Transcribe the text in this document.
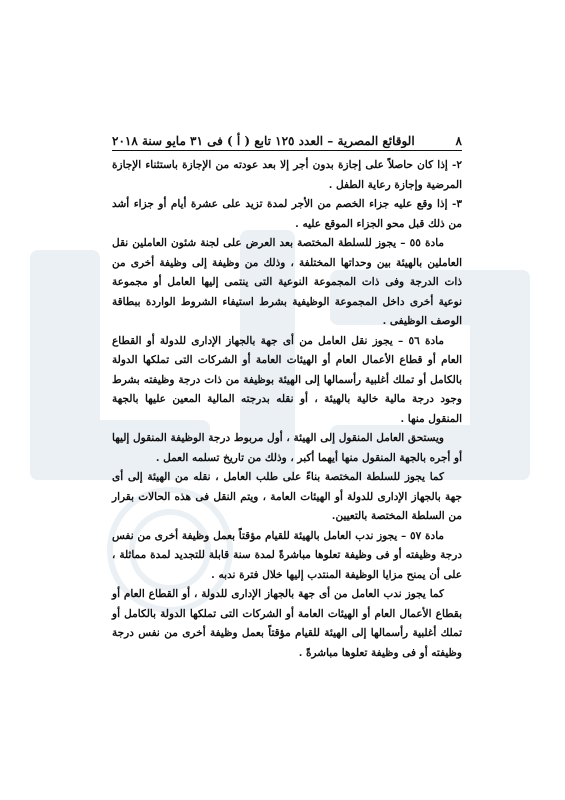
٨
الوقائع المصرية – العدد ١٢٥ تابع ( أ ) فى ٣١ مايو سنة ٢٠١٨

٢- إذا كان حاصلاً على إجازة بدون أجر إلا بعد عودته من الإجازة باستثناء الإجازة المرضية وإجازة رعاية الطفل .

٣- إذا وقع عليه جزاء الخصم من الأجر لمدة تزيد على عشرة أيام أو جزاء أشد من ذلك قبل محو الجزاء الموقع عليه .

مادة ٥٥ – يجوز للسلطة المختصة بعد العرض على لجنة شئون العاملين نقل العاملين بالهيئة بين وحداتها المختلفة ، وذلك من وظيفة إلى وظيفة أخرى من ذات الدرجة وفى ذات المجموعة النوعية التى ينتمى إليها العامل أو مجموعة نوعية أخرى داخل المجموعة الوظيفية بشرط استيفاء الشروط الواردة ببطاقة الوصف الوظيفى .

مادة ٥٦ – يجوز نقل العامل من أى جهة بالجهاز الإدارى للدولة أو القطاع العام أو قطاع الأعمال العام أو الهيئات العامة أو الشركات التى تملكها الدولة بالكامل أو تملك أغلبية رأسمالها إلى الهيئة بوظيفة من ذات درجة وظيفته بشرط وجود درجة مالية خالية بالهيئة ، أو نقله بدرجته المالية المعين عليها بالجهة المنقول منها .

ويستحق العامل المنقول إلى الهيئة ، أول مربوط درجة الوظيفة المنقول إليها أو أجره بالجهة المنقول منها أيهما أكبر ، وذلك من تاريخ تسلمه العمل .

كما يجوز للسلطة المختصة بناءً على طلب العامل ، نقله من الهيئة إلى أى جهة بالجهاز الإدارى للدولة أو الهيئات العامة ، ويتم النقل فى هذه الحالات بقرار من السلطة المختصة بالتعيين.

مادة ٥٧ – يجوز ندب العامل بالهيئة للقيام مؤقتاً بعمل وظيفة أخرى من نفس درجة وظيفته أو فى وظيفة تعلوها مباشرةً لمدة سنة قابلة للتجديد لمدة مماثلة ، على أن يمنح مزايا الوظيفة المنتدب إليها خلال فترة ندبه .

كما يجوز ندب العامل من أى جهة بالجهاز الإدارى للدولة ، أو القطاع العام أو بقطاع الأعمال العام أو الهيئات العامة أو الشركات التى تملكها الدولة بالكامل أو تملك أغلبية رأسمالها إلى الهيئة للقيام مؤقتاً بعمل وظيفة أخرى من نفس درجة وظيفته أو فى وظيفة تعلوها مباشرةً .
